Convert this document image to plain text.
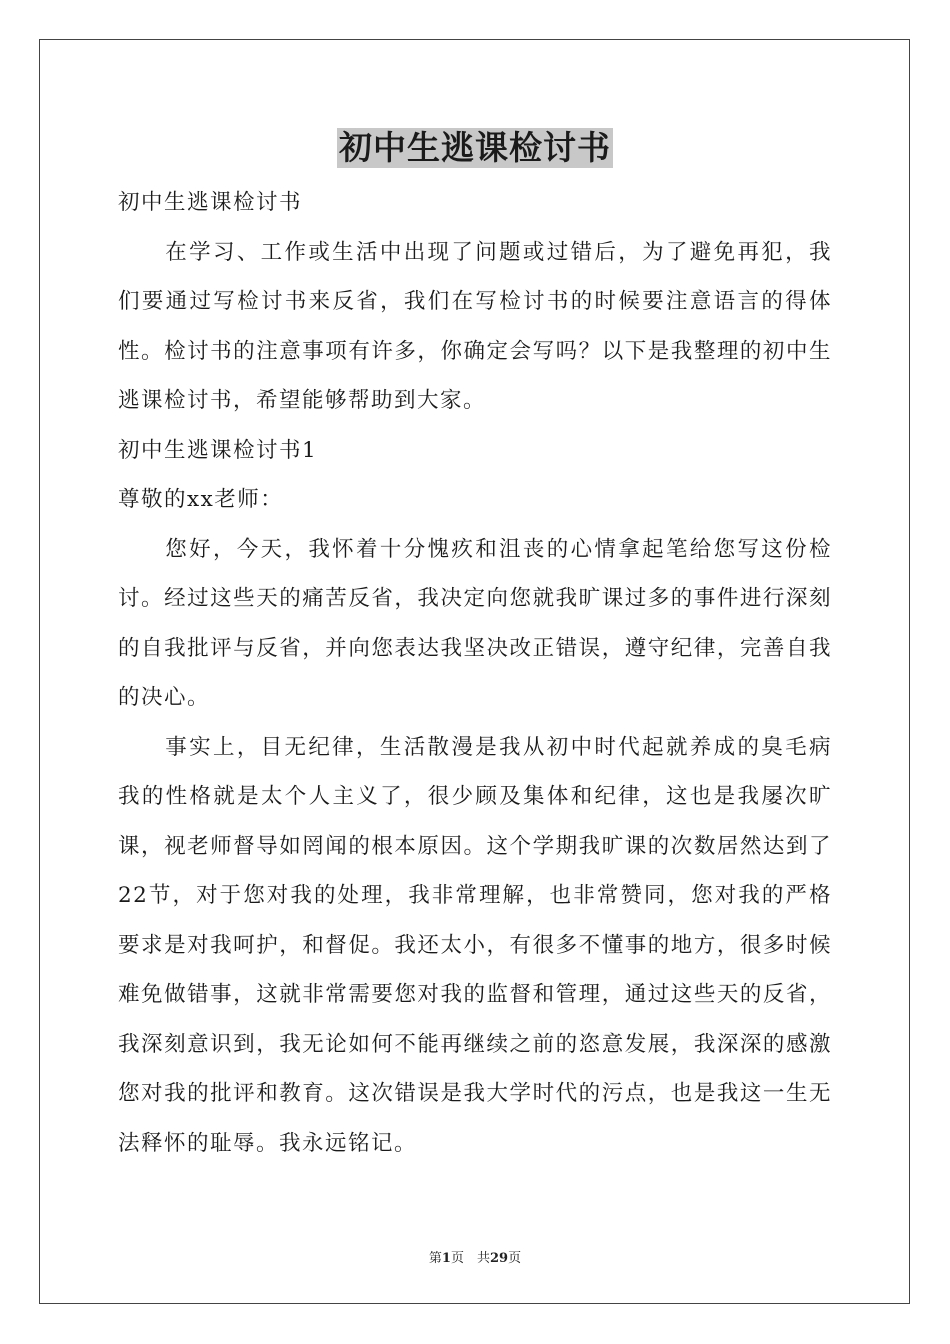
初中生逃课检讨书

初中生逃课检讨书

在学习、工作或生活中出现了问题或过错后，为了避免再犯，我们要通过写检讨书来反省，我们在写检讨书的时候要注意语言的得体性。检讨书的注意事项有许多，你确定会写吗？以下是我整理的初中生逃课检讨书，希望能够帮助到大家。

初中生逃课检讨书1

尊敬的xx老师：

您好，今天，我怀着十分愧疚和沮丧的心情拿起笔给您写这份检讨。经过这些天的痛苦反省，我决定向您就我旷课过多的事件进行深刻的自我批评与反省，并向您表达我坚决改正错误，遵守纪律，完善自我的决心。

事实上，目无纪律，生活散漫是我从初中时代起就养成的臭毛病我的性格就是太个人主义了，很少顾及集体和纪律，这也是我屡次旷课，视老师督导如罔闻的根本原因。这个学期我旷课的次数居然达到了22节，对于您对我的处理，我非常理解，也非常赞同，您对我的严格要求是对我呵护，和督促。我还太小，有很多不懂事的地方，很多时候难免做错事，这就非常需要您对我的监督和管理，通过这些天的反省，我深刻意识到，我无论如何不能再继续之前的恣意发展，我深深的感激您对我的批评和教育。这次错误是我大学时代的污点，也是我这一生无法释怀的耻辱。我永远铭记。

第1页　共29页
